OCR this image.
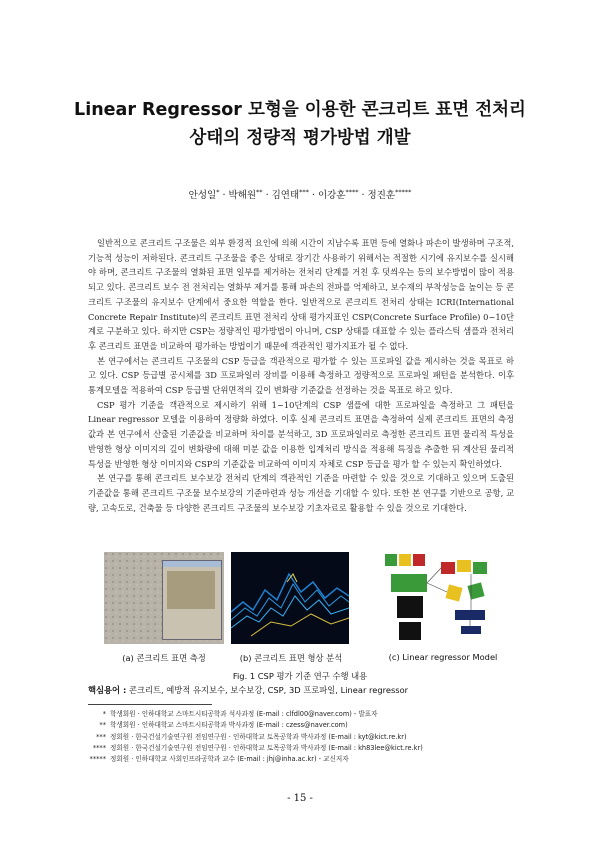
Linear Regressor 모형을 이용한 콘크리트 표면 전처리
상태의 정량적 평가방법 개발
안성일* · 박해원** · 김연태*** · 이강훈**** · 정진훈*****

일반적으로 콘크리트 구조물은 외부 환경적 요인에 의해 시간이 지남수록 표면 등에 열화나 파손이 발생하며 구조적, 기능적 성능이 저하된다. 콘크리트 구조물을 좋은 상태로 장기간 사용하기 위해서는 적절한 시기에 유지보수를 실시해야 하며, 콘크리트 구조물의 열화된 표면 일부를 제거하는 전처리 단계를 거친 후 덧씌우는 등의 보수방법이 많이 적용되고 있다. 콘크리트 보수 전 전처리는 열화부 제거를 통해 파손의 전파를 억제하고, 보수재의 부착성능을 높이는 등 콘크리트 구조물의 유지보수 단계에서 중요한 역할을 한다. 일반적으로 콘크리트 전처리 상태는 ICRI(International Concrete Repair Institute)의 콘크리트 표면 전처리 상태 평가지표인 CSP(Concrete Surface Profile) 0~10단계로 구분하고 있다. 하지만 CSP는 정량적인 평가방법이 아니며, CSP 상태를 대표할 수 있는 플라스틱 샘플과 전처리 후 콘크리트 표면을 비교하여 평가하는 방법이기 때문에 객관적인 평가지표가 될 수 없다.

본 연구에서는 콘크리트 구조물의 CSP 등급을 객관적으로 평가할 수 있는 프로파일 값을 제시하는 것을 목표로 하고 있다. CSP 등급별 공시체를 3D 프로파일러 장비를 이용해 측정하고 정량적으로 프로파일 패턴을 분석한다. 이후 통계모델을 적용하여 CSP 등급별 단위면적의 깊이 변화량 기준값을 선정하는 것을 목표로 하고 있다.

CSP 평가 기준을 객관적으로 제시하기 위해 1~10단계의 CSP 샘플에 대한 프로파일을 측정하고 그 패턴을 Linear regressor 모델을 이용하여 정량화 하였다. 이후 실제 콘크리트 표면을 측정하여 실제 콘크리트 표면의 측정값과 본 연구에서 산출된 기준값을 비교하며 차이를 분석하고, 3D 프로파일러로 측정한 콘크리트 표면 물리적 특성을 반영한 형상 이미지의 깊이 변화량에 대해 미분 값을 이용한 입계처리 방식을 적용해 특징을 추출한 뒤 계산된 물리적 특성을 반영한 형상 이미지와 CSP의 기준값을 비교하여 이미지 자체로 CSP 등급을 평가 할 수 있는지 확인하였다.

본 연구를 통해 콘크리트 보수보강 전처리 단계의 객관적인 기준을 마련할 수 있을 것으로 기대하고 있으며 도출된 기준값을 통해 콘크리트 구조물 보수보강의 기준마련과 성능 개선을 기대할 수 있다. 또한 본 연구를 기반으로 공항, 교량, 고속도로, 건축물 등 다양한 콘크리트 구조물의 보수보강 기초자료로 활용할 수 있을 것으로 기대한다.

(a) 콘크리트 표면 측정	(b) 콘크리트 표면 형상 분석	(c) Linear regressor Model
Fig. 1 CSP 평가 기준 연구 수행 내용
핵심용어 : 콘크리트, 예방적 유지보수, 보수보강, CSP, 3D 프로파일, Linear regressor
* 학생회원 · 인하대학교 스마트시티공학과 석사과정 (E-mail : clfdl00@naver.com) - 발표자
** 학생회원 · 인하대학교 스마트시티공학과 박사과정 (E-mail : czess@naver.com)
*** 정회원 · 한국건설기술연구원 전임연구원 · 인하대학교 토목공학과 박사과정 (E-mail : kyt@kict.re.kr)
**** 정회원 · 한국건설기술연구원 전임연구원 · 인하대학교 토목공학과 박사과정 (E-mail : kh83lee@kict.re.kr)
***** 정회원 · 인하대학교 사회인프라공학과 교수 (E-mail : jhj@inha.ac.kr) - 교신저자
- 15 -
